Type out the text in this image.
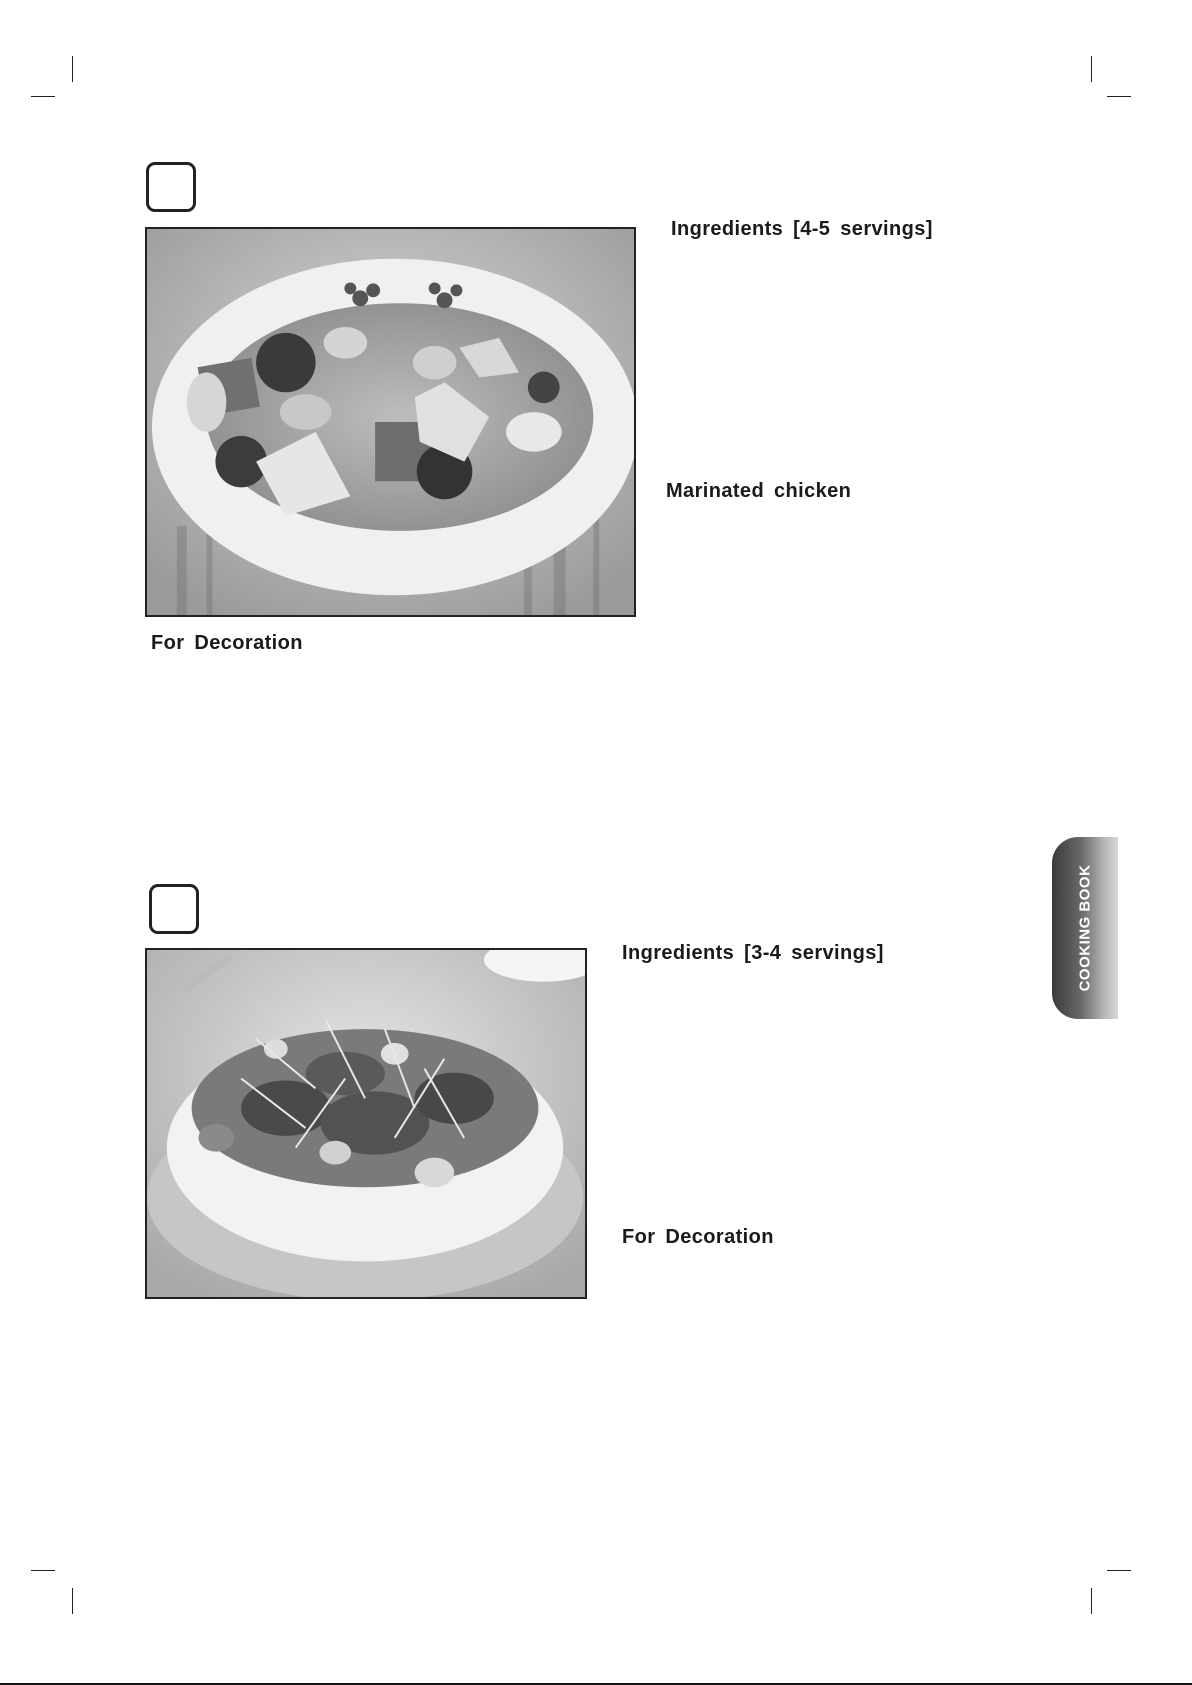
Ingredients [4-5 servings]
Marinated chicken
For Decoration
Ingredients [3-4 servings]
For Decoration
COOKING BOOK
